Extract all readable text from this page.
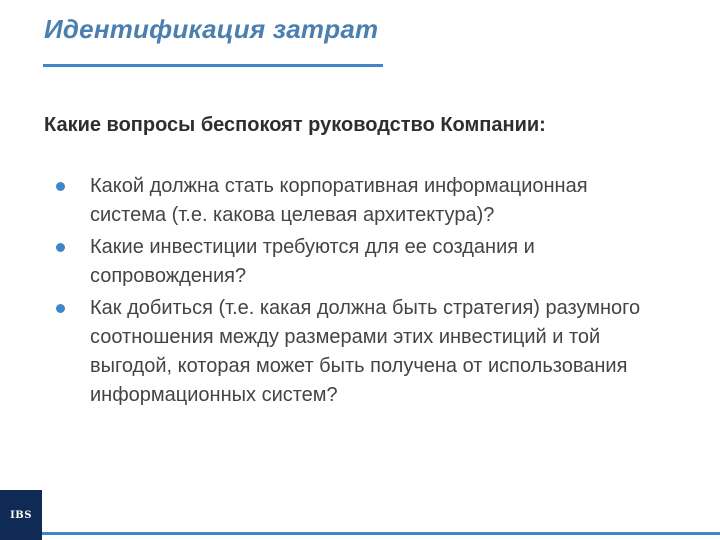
Идентификация затрат
Какие вопросы беспокоят руководство Компании:
Какой должна стать корпоративная информационная система (т.е. какова целевая архитектура)?
Какие инвестиции требуются для ее создания и сопровождения?
Как добиться (т.е. какая должна быть стратегия) разумного соотношения между размерами этих инвестиций и той выгодой, которая может быть получена от использования информационных систем?
IBS
